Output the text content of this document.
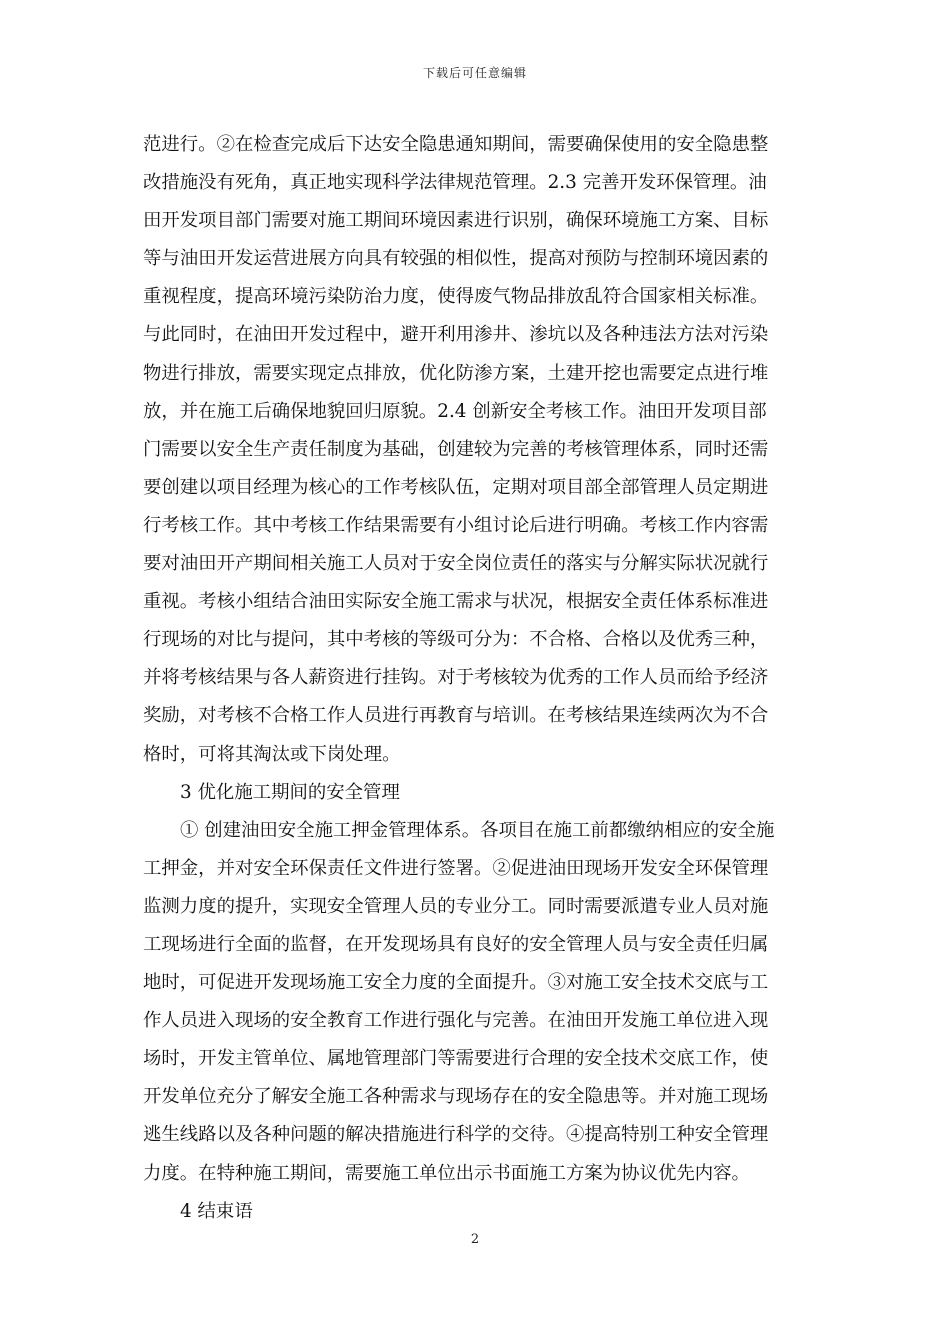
下载后可任意编辑
范进行。②在检查完成后下达安全隐患通知期间，需要确保使用的安全隐患整
改措施没有死角，真正地实现科学法律规范管理。2.3 完善开发环保管理。油
田开发项目部门需要对施工期间环境因素进行识别，确保环境施工方案、目标
等与油田开发运营进展方向具有较强的相似性，提高对预防与控制环境因素的
重视程度，提高环境污染防治力度，使得废气物品排放乱符合国家相关标准。
与此同时，在油田开发过程中，避开利用渗井、渗坑以及各种违法方法对污染
物进行排放，需要实现定点排放，优化防渗方案，土建开挖也需要定点进行堆
放，并在施工后确保地貌回归原貌。2.4 创新安全考核工作。油田开发项目部
门需要以安全生产责任制度为基础，创建较为完善的考核管理体系，同时还需
要创建以项目经理为核心的工作考核队伍，定期对项目部全部管理人员定期进
行考核工作。其中考核工作结果需要有小组讨论后进行明确。考核工作内容需
要对油田开产期间相关施工人员对于安全岗位责任的落实与分解实际状况就行
重视。考核小组结合油田实际安全施工需求与状况，根据安全责任体系标准进
行现场的对比与提问，其中考核的等级可分为：不合格、合格以及优秀三种，
并将考核结果与各人薪资进行挂钩。对于考核较为优秀的工作人员而给予经济
奖励，对考核不合格工作人员进行再教育与培训。在考核结果连续两次为不合
格时，可将其淘汰或下岗处理。
3 优化施工期间的安全管理
① 创建油田安全施工押金管理体系。各项目在施工前都缴纳相应的安全施
工押金，并对安全环保责任文件进行签署。②促进油田现场开发安全环保管理
监测力度的提升，实现安全管理人员的专业分工。同时需要派遣专业人员对施
工现场进行全面的监督，在开发现场具有良好的安全管理人员与安全责任归属
地时，可促进开发现场施工安全力度的全面提升。③对施工安全技术交底与工
作人员进入现场的安全教育工作进行强化与完善。在油田开发施工单位进入现
场时，开发主管单位、属地管理部门等需要进行合理的安全技术交底工作，使
开发单位充分了解安全施工各种需求与现场存在的安全隐患等。并对施工现场
逃生线路以及各种问题的解决措施进行科学的交待。④提高特别工种安全管理
力度。在特种施工期间，需要施工单位出示书面施工方案为协议优先内容。
4 结束语
2
